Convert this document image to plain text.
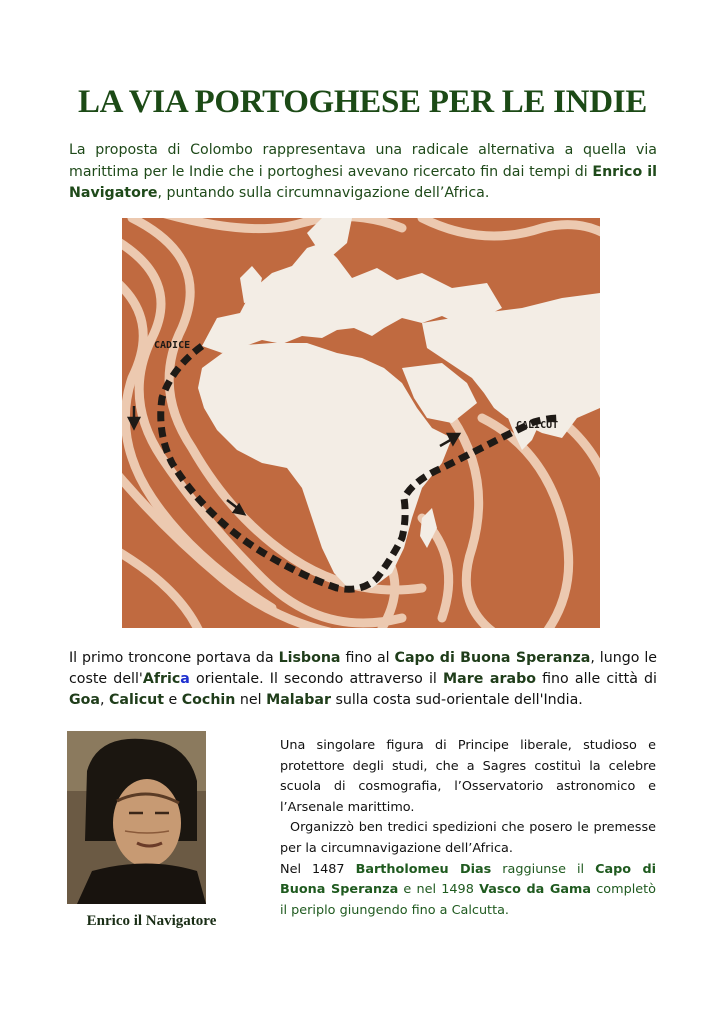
LA VIA PORTOGHESE PER LE INDIE

La proposta di Colombo rappresentava una radicale alternativa a quella via marittima per le Indie che i portoghesi avevano ricercato fin dai tempi di Enrico il Navigatore, puntando sulla circumnavigazione dell’Africa.

CADICE
CALICUT

Il primo troncone portava da Lisbona fino al Capo di Buona Speranza, lungo le coste dell'Africa orientale. Il secondo attraverso il Mare arabo fino alle città di Goa, Calicut e Cochin nel Malabar sulla costa sud-orientale dell'India.

Enrico il Navigatore

Una singolare figura di Principe liberale, studioso e protettore degli studi, che a Sagres costituì la celebre scuola di cosmografia, l’Osservatorio astronomico e l’Arsenale marittimo.
Organizzò ben tredici spedizioni che posero le premesse per la circumnavigazione dell’Africa.
Nel 1487 Bartholomeu Dias raggiunse il Capo di Buona Speranza e nel 1498 Vasco da Gama completò il periplo giungendo fino a Calcutta.
